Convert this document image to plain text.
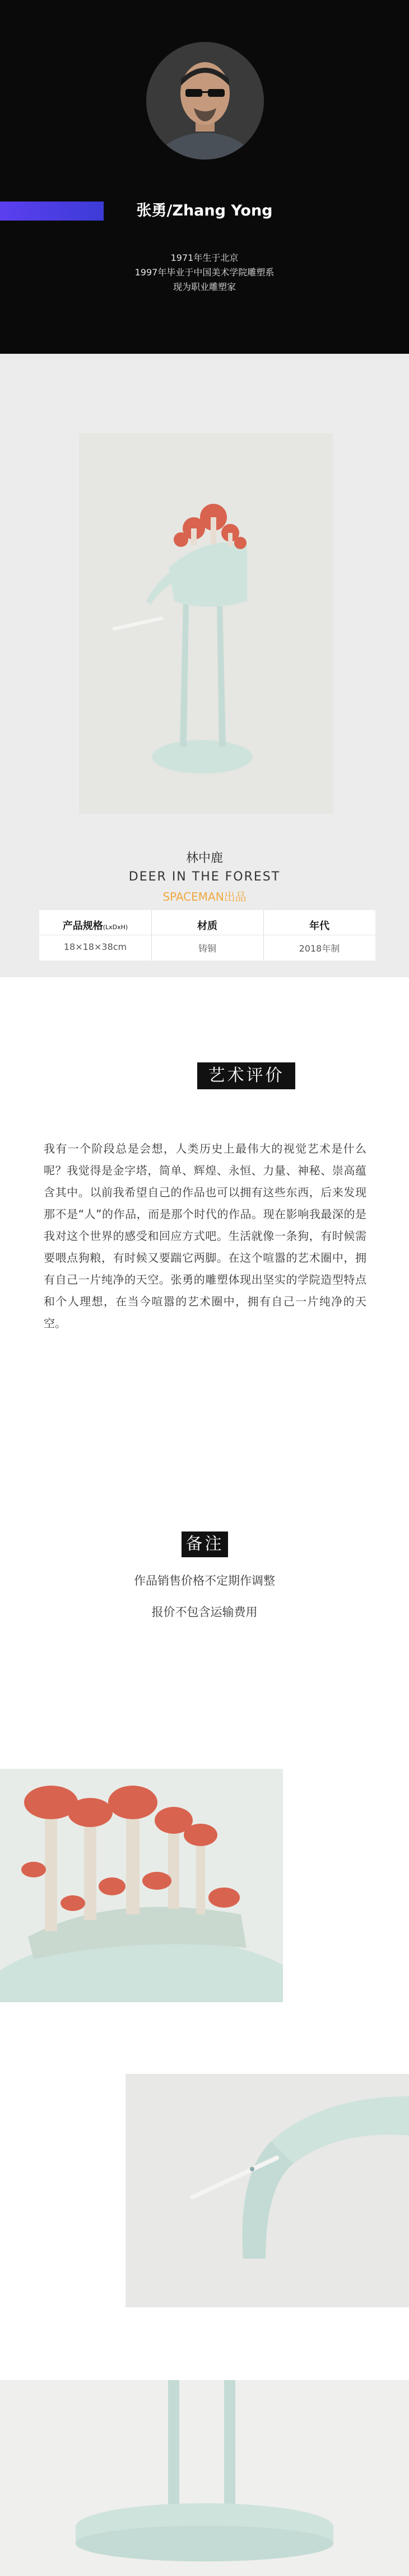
张勇/Zhang Yong
1971年生于北京
1997年毕业于中国美术学院雕塑系
现为职业雕塑家
林中鹿
DEER IN THE FOREST
SPACEMAN出品
产品规格(LxDxH)	材质	年代
18×18×38cm	铸铜	2018年制
艺术评价
我有一个阶段总是会想，人类历史上最伟大的视觉艺术是什么呢？我觉得是金字塔，简单、辉煌、永恒、力量、神秘、崇高蕴含其中。以前我希望自己的作品也可以拥有这些东西，后来发现那不是“人”的作品，而是那个时代的作品。现在影响我最深的是我对这个世界的感受和回应方式吧。生活就像一条狗，有时候需要喂点狗粮，有时候又要踹它两脚。在这个喧嚣的艺术圈中，拥有自己一片纯净的天空。张勇的雕塑体现出坚实的学院造型特点和个人理想，在当今喧嚣的艺术圈中，拥有自己一片纯净的天空。
备注
作品销售价格不定期作调整
报价不包含运输费用
